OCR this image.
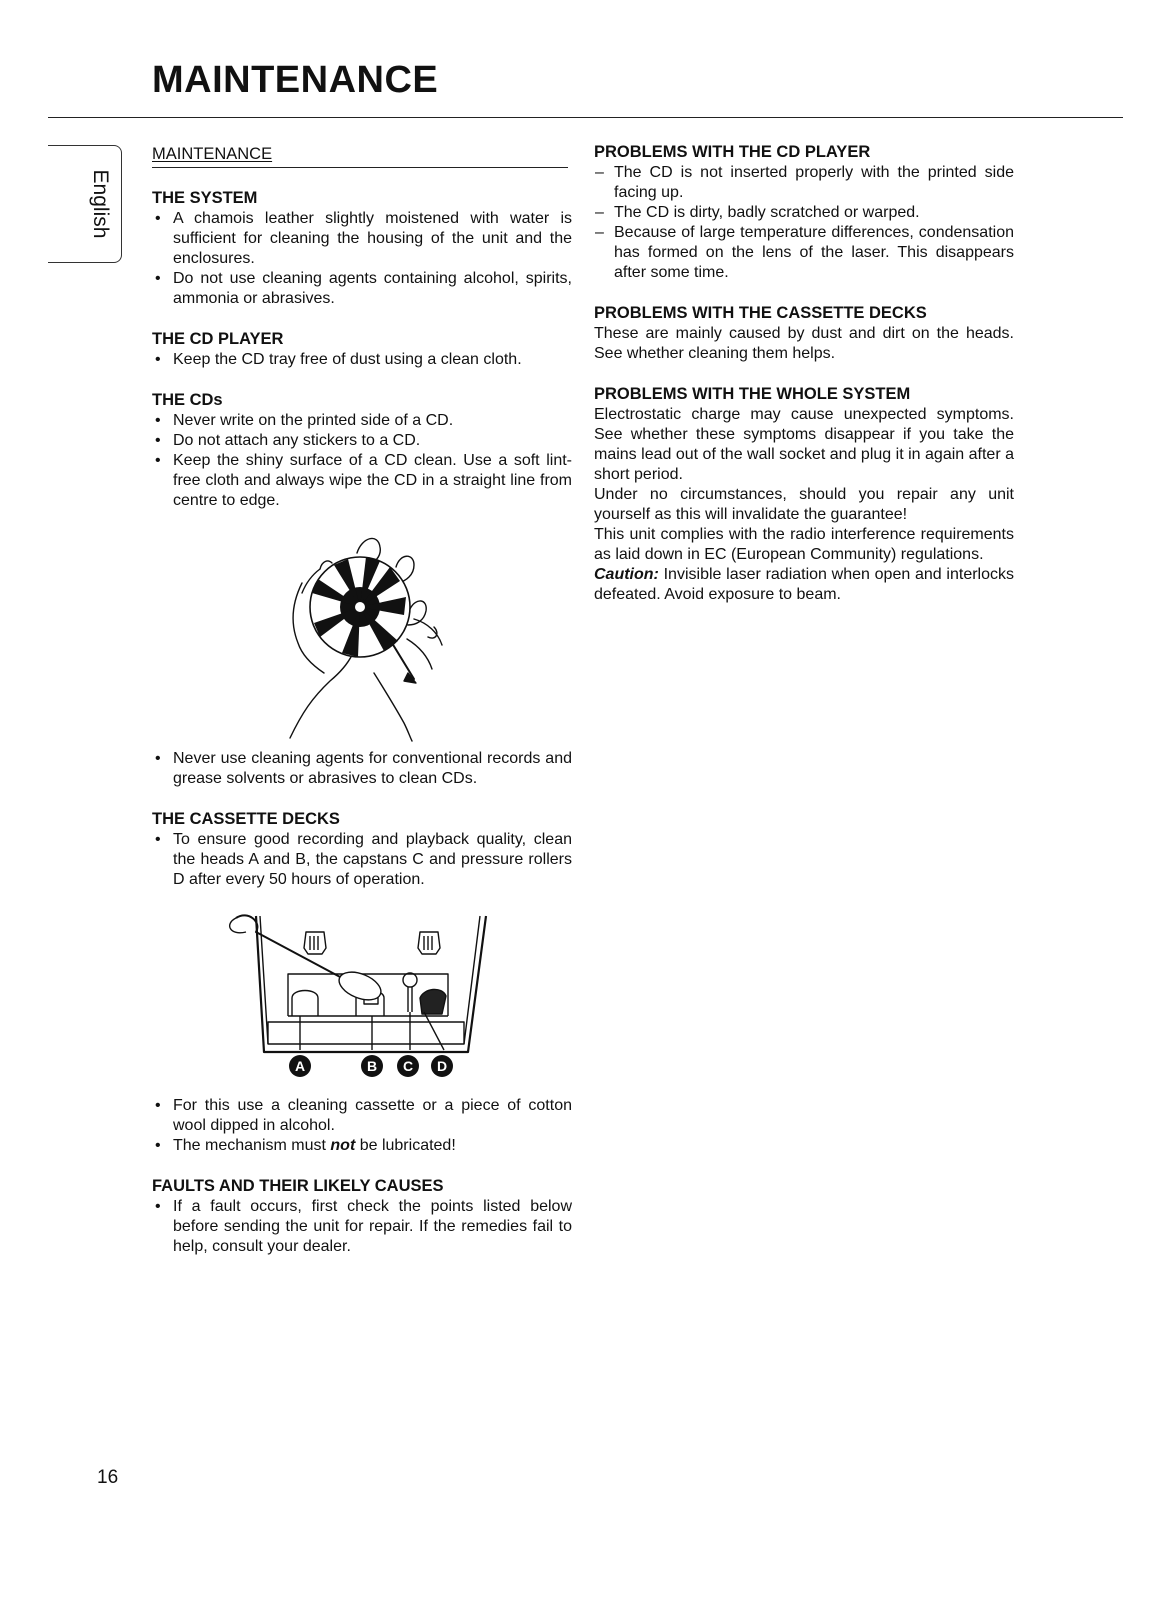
MAINTENANCE
English
MAINTENANCE
THE SYSTEM
• A chamois leather slightly moistened with water is sufficient for cleaning the housing of the unit and the enclosures.
• Do not use cleaning agents containing alcohol, spirits, ammonia or abrasives.
THE CD PLAYER
• Keep the CD tray free of dust using a clean cloth.
THE CDs
• Never write on the printed side of a CD.
• Do not attach any stickers to a CD.
• Keep the shiny surface of a CD clean. Use a soft lint-free cloth and always wipe the CD in a straight line from centre to edge.
• Never use cleaning agents for conventional records and grease solvents or abrasives to clean CDs.
THE CASSETTE DECKS
• To ensure good recording and playback quality, clean the heads A and B, the capstans C and pressure rollers D after every 50 hours of operation.
A	B C D
• For this use a cleaning cassette or a piece of cotton wool dipped in alcohol.
• The mechanism must not be lubricated!
FAULTS AND THEIR LIKELY CAUSES
• If a fault occurs, first check the points listed below before sending the unit for repair. If the remedies fail to help, consult your dealer.
PROBLEMS WITH THE CD PLAYER
– The CD is not inserted properly with the printed side facing up.
– The CD is dirty, badly scratched or warped.
– Because of large temperature differences, condensation has formed on the lens of the laser. This disappears after some time.
PROBLEMS WITH THE CASSETTE DECKS

These are mainly caused by dust and dirt on the heads. See whether cleaning them helps.

PROBLEMS WITH THE WHOLE SYSTEM

Electrostatic charge may cause unexpected symptoms. See whether these symptoms disappear if you take the mains lead out of the wall socket and plug it in again after a short period.

Under no circumstances, should you repair any unit yourself as this will invalidate the guarantee!

This unit complies with the radio interference requirements as laid down in EC (European Community) regulations.

Caution: Invisible laser radiation when open and interlocks defeated. Avoid exposure to beam.

16
